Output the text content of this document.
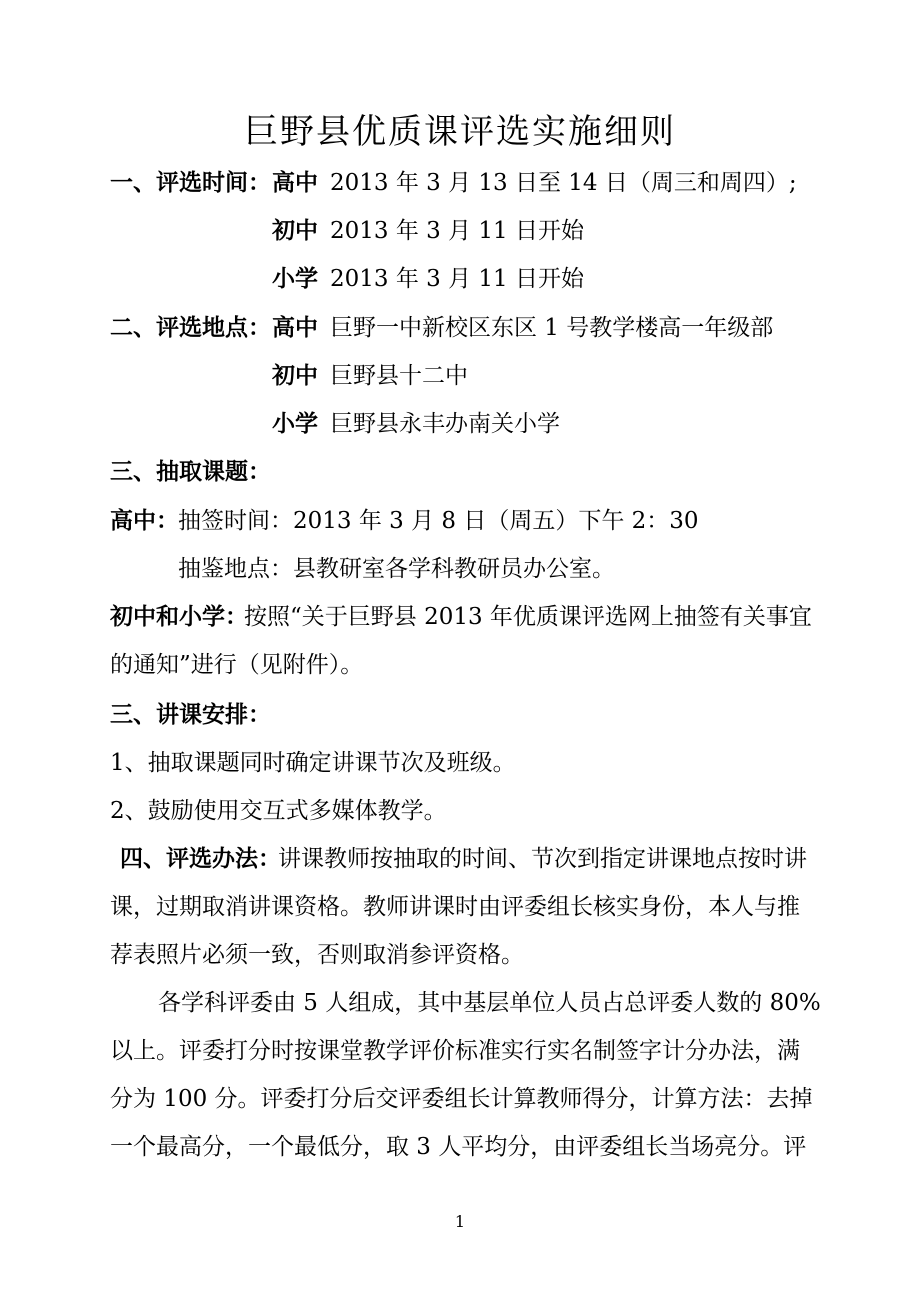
巨野县优质课评选实施细则
一、评选时间： 高中 2013 年 3 月 13 日至 14 日（周三和周四）;
初中 2013 年 3 月 11 日开始
小学 2013 年 3 月 11 日开始
二、评选地点： 高中 巨野一中新校区东区 1 号教学楼高一年级部
初中 巨野县十二中
小学 巨野县永丰办南关小学
三、抽取课题：
高中： 抽签时间：2013 年 3 月 8 日（周五）下午 2：30
抽鉴地点：县教研室各学科教研员办公室。
初中和小学：
按照“关于巨野县 2013 年优质课评选网上抽签有关事宜
的通知”进行（见附件）。
三、讲课安排：
1、抽取课题同时确定讲课节次及班级。
2、鼓励使用交互式多媒体教学。
四、评选办法：
讲课教师按抽取的时间、节次到指定讲课地点按时讲
课，过期取消讲课资格。教师讲课时由评委组长核实身份，本人与推
荐表照片必须一致，否则取消参评资格。
各学科评委由 5 人组成，其中基层单位人员占总评委人数的 80%
以上。评委打分时按课堂教学评价标准实行实名制签字计分办法，满
分为 100 分。评委打分后交评委组长计算教师得分，计算方法：去掉
一个最高分，一个最低分，取 3 人平均分，由评委组长当场亮分。评
1
